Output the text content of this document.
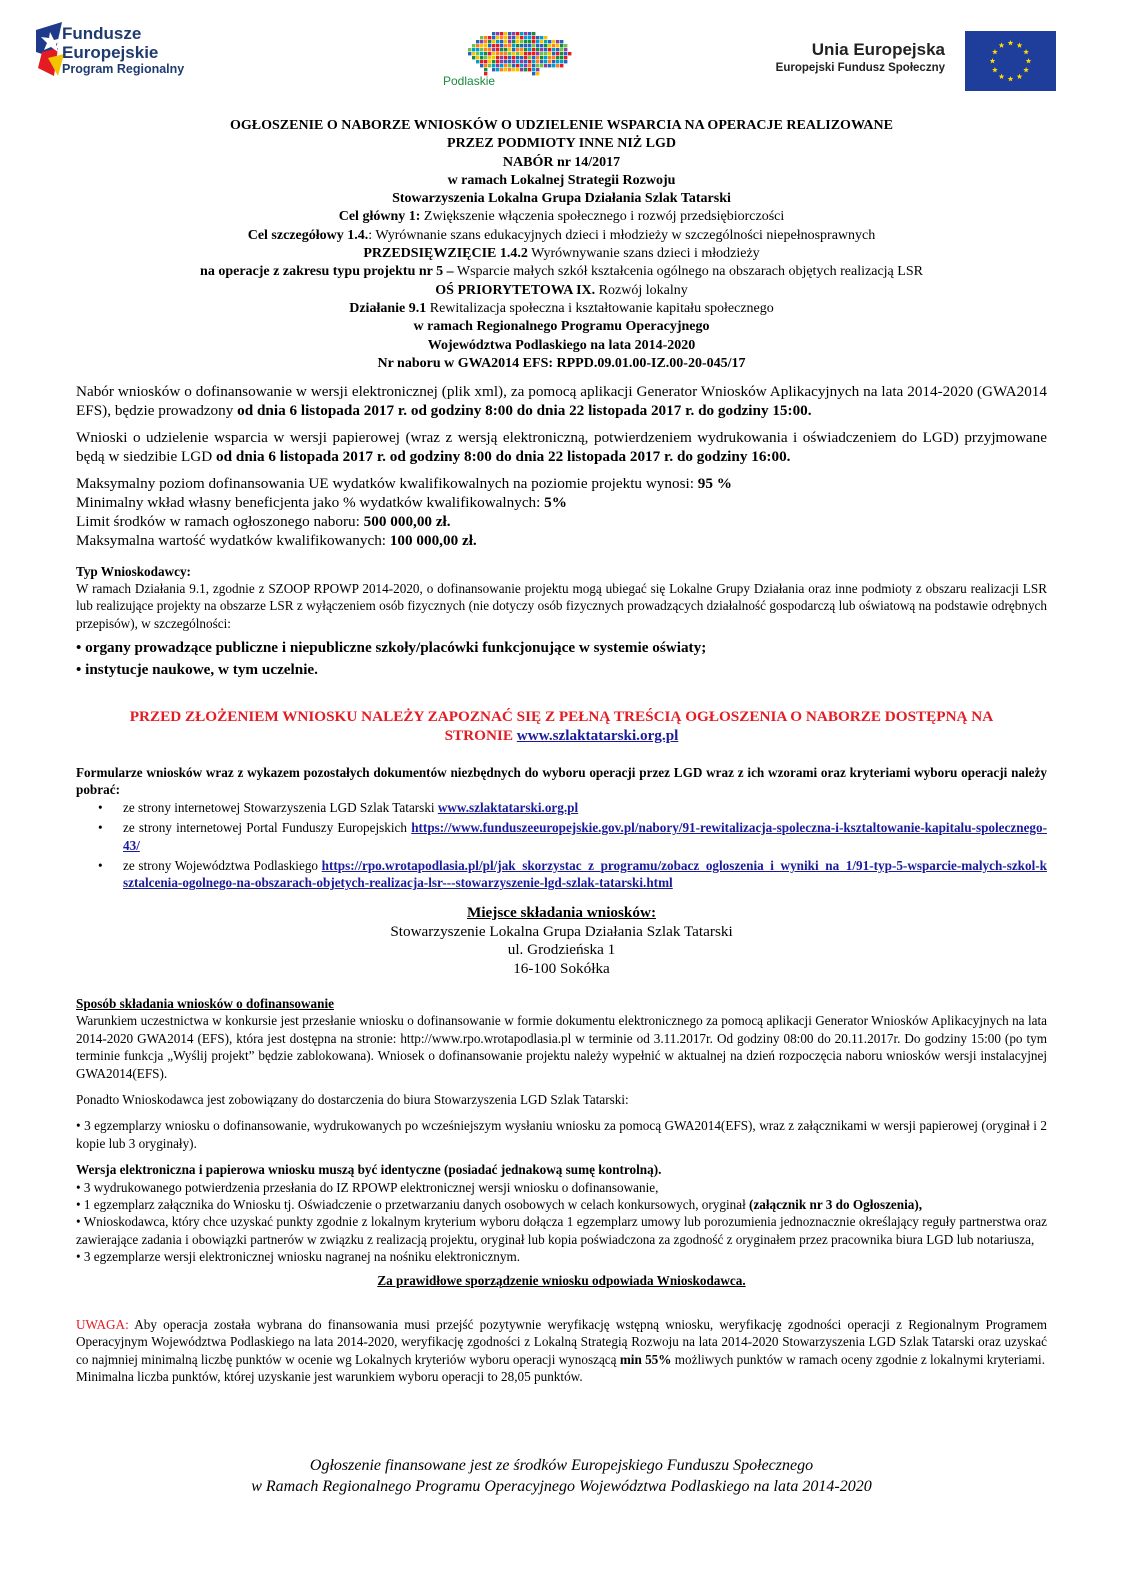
Fundusze
Europejskie
Program Regionalny
Podlaskie
Unia Europejska
Europejski Fundusz Społeczny
OGŁOSZENIE O NABORZE WNIOSKÓW O UDZIELENIE WSPARCIA NA OPERACJE REALIZOWANE
PRZEZ PODMIOTY INNE NIŻ LGD
NABÓR nr 14/2017
w ramach Lokalnej Strategii Rozwoju
Stowarzyszenia Lokalna Grupa Działania Szlak Tatarski
Cel główny 1: Zwiększenie włączenia społecznego i rozwój przedsiębiorczości
Cel szczegółowy 1.4.: Wyrównanie szans edukacyjnych dzieci i młodzieży w szczególności niepełnosprawnych
PRZEDSIĘWZIĘCIE 1.4.2 Wyrównywanie szans dzieci i młodzieży
na operacje z zakresu typu projektu nr 5 – Wsparcie małych szkół kształcenia ogólnego na obszarach objętych realizacją LSR
OŚ PRIORYTETOWA IX. Rozwój lokalny
Działanie 9.1 Rewitalizacja społeczna i kształtowanie kapitału społecznego
w ramach Regionalnego Programu Operacyjnego
Województwa Podlaskiego na lata 2014-2020
Nr naboru w GWA2014 EFS: RPPD.09.01.00-IZ.00-20-045/17
Nabór wniosków o dofinansowanie w wersji elektronicznej (plik xml), za pomocą aplikacji Generator Wniosków Aplikacyjnych na lata 2014-2020 (GWA2014 EFS), będzie prowadzony od dnia 6 listopada 2017 r. od godziny 8:00 do dnia 22 listopada 2017 r. do godziny 15:00.
Wnioski o udzielenie wsparcia w wersji papierowej (wraz z wersją elektroniczną, potwierdzeniem wydrukowania i oświadczeniem do LGD) przyjmowane będą w siedzibie LGD od dnia 6 listopada 2017 r. od godziny 8:00 do dnia 22 listopada 2017 r. do godziny 16:00.
Maksymalny poziom dofinansowania UE wydatków kwalifikowalnych na poziomie projektu wynosi: 95 %
Minimalny wkład własny beneficjenta jako % wydatków kwalifikowalnych: 5%
Limit środków w ramach ogłoszonego naboru: 500 000,00 zł.
Maksymalna wartość wydatków kwalifikowanych: 100 000,00 zł.
Typ Wnioskodawcy:
W ramach Działania 9.1, zgodnie z SZOOP RPOWP 2014-2020, o dofinansowanie projektu mogą ubiegać się Lokalne Grupy Działania oraz inne podmioty z obszaru realizacji LSR lub realizujące projekty na obszarze LSR z wyłączeniem osób fizycznych (nie dotyczy osób fizycznych prowadzących działalność gospodarczą lub oświatową na podstawie odrębnych przepisów), w szczególności:
• organy prowadzące publiczne i niepubliczne szkoły/placówki funkcjonujące w systemie oświaty;
• instytucje naukowe, w tym uczelnie.
PRZED ZŁOŻENIEM WNIOSKU NALEŻY ZAPOZNAĆ SIĘ Z PEŁNĄ TREŚCIĄ OGŁOSZENIA O NABORZE DOSTĘPNĄ NA
STRONIE www.szlaktatarski.org.pl
Formularze wniosków wraz z wykazem pozostałych dokumentów niezbędnych do wyboru operacji przez LGD wraz z ich wzorami oraz kryteriami wyboru operacji należy pobrać:
• ze strony internetowej Stowarzyszenia LGD Szlak Tatarski www.szlaktatarski.org.pl
• ze strony internetowej Portal Funduszy Europejskich https://www.funduszeeuropejskie.gov.pl/nabory/91-rewitalizacja-spoleczna-i-ksztaltowanie-kapitalu-spolecznego-43/
• ze strony Województwa Podlaskiego https://rpo.wrotapodlasia.pl/pl/jak_skorzystac_z_programu/zobacz_ogloszenia_i_wyniki_na_1/91-typ-5-wsparcie-malych-szkol-ksztalcenia-ogolnego-na-obszarach-objetych-realizacja-lsr---stowarzyszenie-lgd-szlak-tatarski.html
Miejsce składania wniosków:
Stowarzyszenie Lokalna Grupa Działania Szlak Tatarski
ul. Grodzieńska 1
16-100 Sokółka
Sposób składania wniosków o dofinansowanie
Warunkiem uczestnictwa w konkursie jest przesłanie wniosku o dofinansowanie w formie dokumentu elektronicznego za pomocą aplikacji Generator Wniosków Aplikacyjnych na lata 2014-2020 GWA2014 (EFS), która jest dostępna na stronie: http://www.rpo.wrotapodlasia.pl w terminie od 3.11.2017r. Od godziny 08:00 do 20.11.2017r. Do godziny 15:00 (po tym terminie funkcja „Wyślij projekt” będzie zablokowana). Wniosek o dofinansowanie projektu należy wypełnić w aktualnej na dzień rozpoczęcia naboru wniosków wersji instalacyjnej GWA2014(EFS).
Ponadto Wnioskodawca jest zobowiązany do dostarczenia do biura Stowarzyszenia LGD Szlak Tatarski:
• 3 egzemplarzy wniosku o dofinansowanie, wydrukowanych po wcześniejszym wysłaniu wniosku za pomocą GWA2014(EFS), wraz z załącznikami w wersji papierowej (oryginał i 2 kopie lub 3 oryginały).
Wersja elektroniczna i papierowa wniosku muszą być identyczne (posiadać jednakową sumę kontrolną).
• 3 wydrukowanego potwierdzenia przesłania do IZ RPOWP elektronicznej wersji wniosku o dofinansowanie,
• 1 egzemplarz załącznika do Wniosku tj. Oświadczenie o przetwarzaniu danych osobowych w celach konkursowych, oryginał (załącznik nr 3 do Ogłoszenia),
• Wnioskodawca, który chce uzyskać punkty zgodnie z lokalnym kryterium wyboru dołącza 1 egzemplarz umowy lub porozumienia jednoznacznie określający reguły partnerstwa oraz zawierające zadania i obowiązki partnerów w związku z realizacją projektu, oryginał lub kopia poświadczona za zgodność z oryginałem przez pracownika biura LGD lub notariusza,
• 3 egzemplarze wersji elektronicznej wniosku nagranej na nośniku elektronicznym.
Za prawidłowe sporządzenie wniosku odpowiada Wnioskodawca.
UWAGA: Aby operacja została wybrana do finansowania musi przejść pozytywnie weryfikację wstępną wniosku, weryfikację zgodności operacji z Regionalnym Programem Operacyjnym Województwa Podlaskiego na lata 2014-2020, weryfikację zgodności z Lokalną Strategią Rozwoju na lata 2014-2020 Stowarzyszenia LGD Szlak Tatarski oraz uzyskać co najmniej minimalną liczbę punktów w ocenie wg Lokalnych kryteriów wyboru operacji wynoszącą min 55% możliwych punktów w ramach oceny zgodnie z lokalnymi kryteriami.
Minimalna liczba punktów, której uzyskanie jest warunkiem wyboru operacji to 28,05 punktów.
Ogłoszenie finansowane jest ze środków Europejskiego Funduszu Społecznego
w Ramach Regionalnego Programu Operacyjnego Województwa Podlaskiego na lata 2014-2020
